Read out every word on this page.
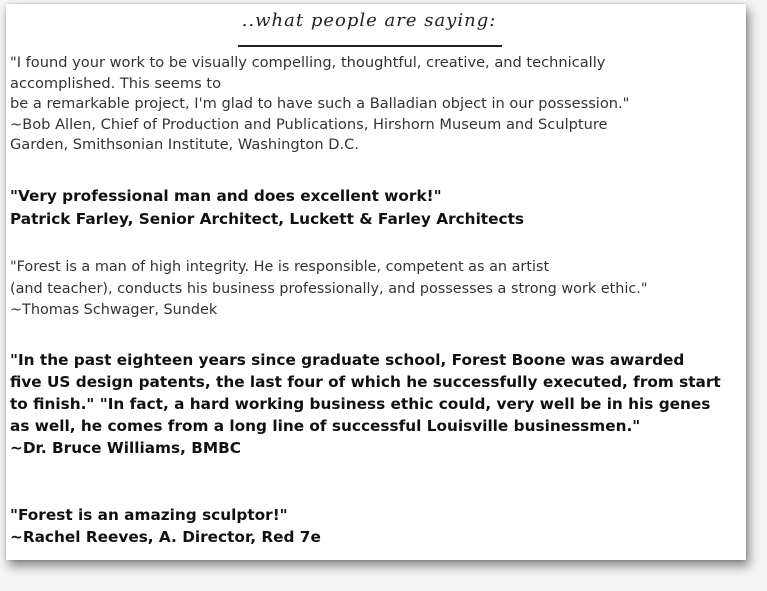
..what people are saying:
"I found your work to be visually compelling, thoughtful, creative, and technically
accomplished. This seems to
be a remarkable project, I'm glad to have such a Balladian object in our possession."
~Bob Allen, Chief of Production and Publications, Hirshorn Museum and Sculpture
Garden, Smithsonian Institute, Washington D.C.
"Very professional man and does excellent work!"
Patrick Farley, Senior Architect, Luckett & Farley Architects
"Forest is a man of high integrity. He is responsible, competent as an artist
(and teacher), conducts his business professionally, and possesses a strong work ethic."
~Thomas Schwager, Sundek
"In the past eighteen years since graduate school, Forest Boone was awarded
five US design patents, the last four of which he successfully executed, from start
to finish." "In fact, a hard working business ethic could, very well be in his genes
as well, he comes from a long line of successful Louisville businessmen."
~Dr. Bruce Williams, BMBC
"Forest is an amazing sculptor!"
~Rachel Reeves, A. Director, Red 7e
